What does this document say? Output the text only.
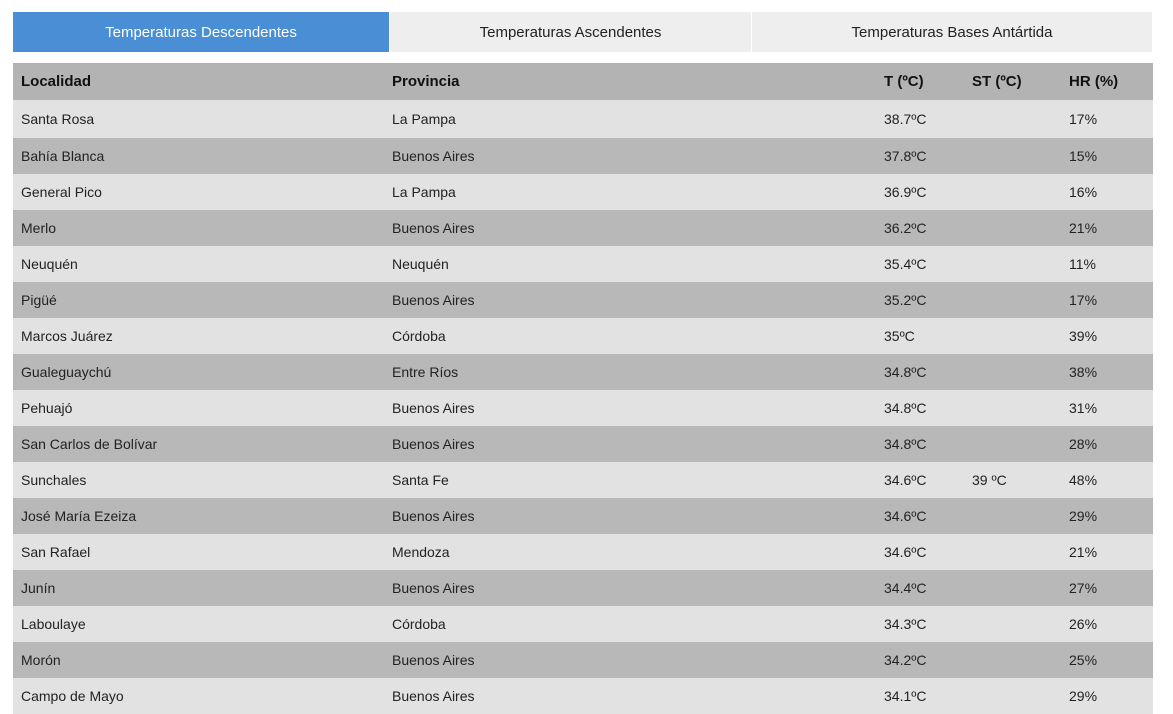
Temperaturas Descendentes	Temperaturas Ascendentes	Temperaturas Bases Antártida
Localidad	Provincia	T (ºC)	ST (ºC)	HR (%)
Santa Rosa	La Pampa	38.7ºC		17%
Bahía Blanca	Buenos Aires	37.8ºC		15%
General Pico	La Pampa	36.9ºC		16%
Merlo	Buenos Aires	36.2ºC		21%
Neuquén	Neuquén	35.4ºC		11%
Pigüé	Buenos Aires	35.2ºC		17%
Marcos Juárez	Córdoba	35ºC		39%
Gualeguaychú	Entre Ríos	34.8ºC		38%
Pehuajó	Buenos Aires	34.8ºC		31%
San Carlos de Bolívar	Buenos Aires	34.8ºC		28%
Sunchales	Santa Fe	34.6ºC	39 ºC	48%
José María Ezeiza	Buenos Aires	34.6ºC		29%
San Rafael	Mendoza	34.6ºC		21%
Junín	Buenos Aires	34.4ºC		27%
Laboulaye	Córdoba	34.3ºC		26%
Morón	Buenos Aires	34.2ºC		25%
Campo de Mayo	Buenos Aires	34.1ºC		29%
